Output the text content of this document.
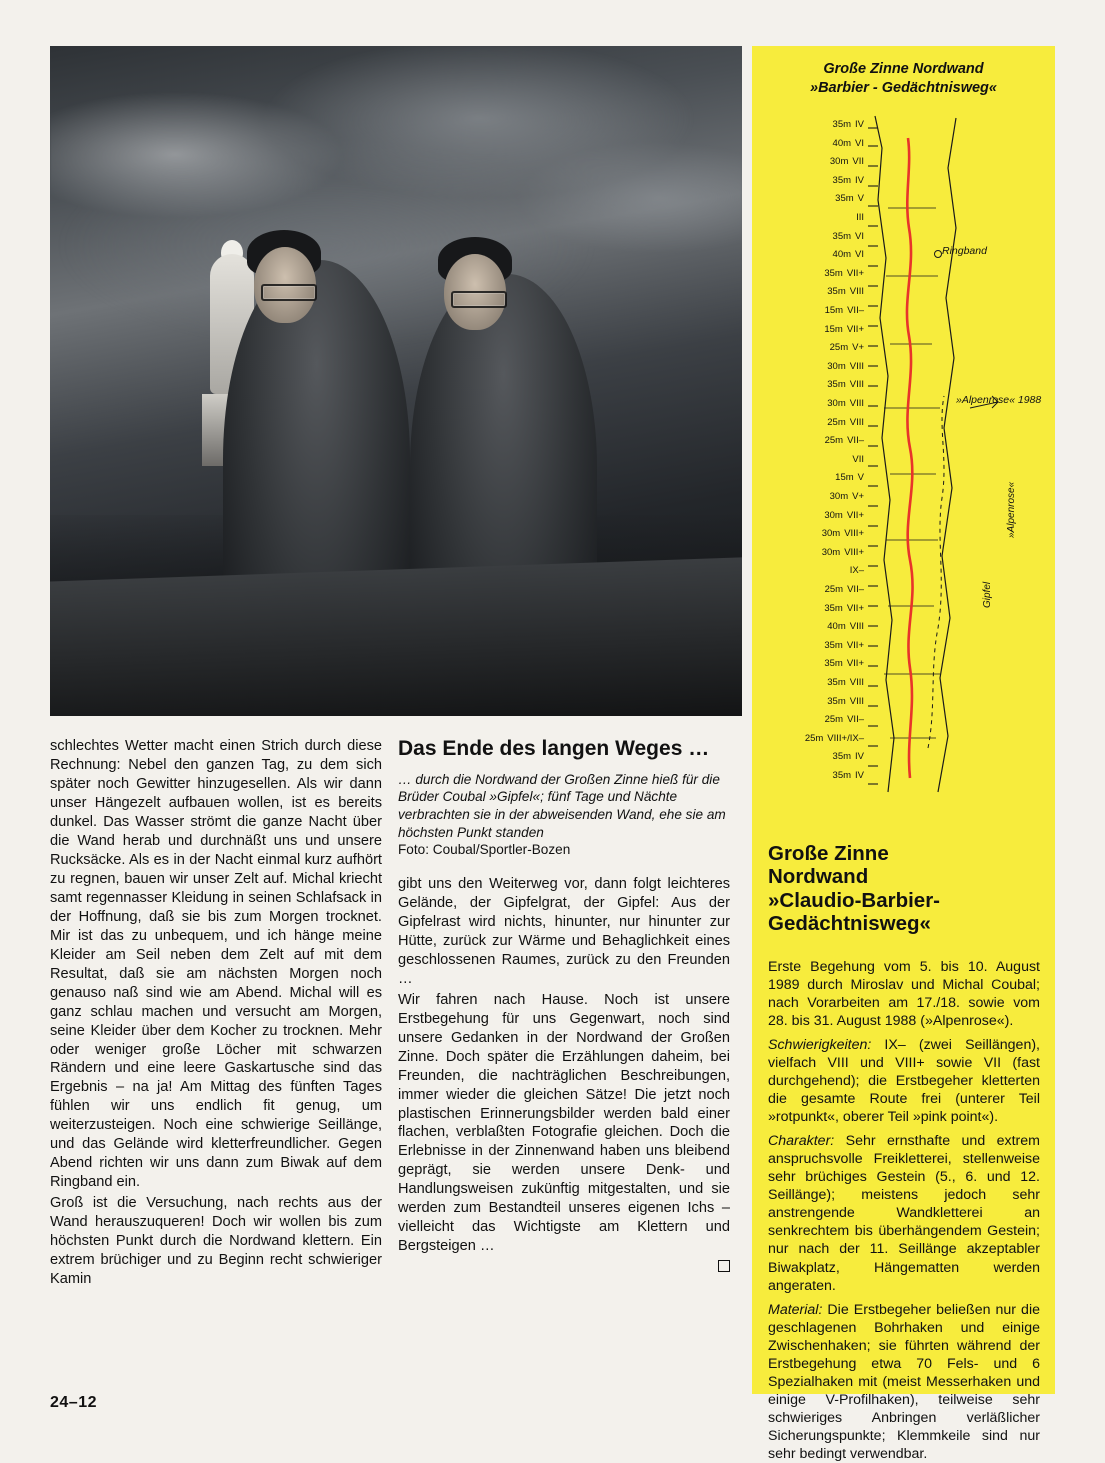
schlechtes Wetter macht einen Strich durch diese Rechnung: Nebel den ganzen Tag, zu dem sich später noch Gewitter hinzugesellen. Als wir dann unser Hängezelt aufbauen wollen, ist es bereits dunkel. Das Wasser strömt die ganze Nacht über die Wand herab und durchnäßt uns und unsere Rucksäcke. Als es in der Nacht einmal kurz aufhört zu regnen, bauen wir unser Zelt auf. Michal kriecht samt regennasser Kleidung in seinen Schlafsack in der Hoffnung, daß sie bis zum Morgen trocknet. Mir ist das zu unbequem, und ich hänge meine Kleider am Seil neben dem Zelt auf mit dem Resultat, daß sie am nächsten Morgen noch genauso naß sind wie am Abend. Michal will es ganz schlau machen und versucht am Morgen, seine Kleider über dem Kocher zu trocknen. Mehr oder weniger große Löcher mit schwarzen Rändern und eine leere Gaskartusche sind das Ergebnis – na ja! Am Mittag des fünften Tages fühlen wir uns endlich fit genug, um weiterzusteigen. Noch eine schwierige Seillänge, und das Gelände wird kletterfreundlicher. Gegen Abend richten wir uns dann zum Biwak auf dem Ringband ein.

Groß ist die Versuchung, nach rechts aus der Wand herauszuqueren! Doch wir wollen bis zum höchsten Punkt durch die Nordwand klettern. Ein extrem brüchiger und zu Beginn recht schwieriger Kamin

Das Ende des langen Weges …

… durch die Nordwand der Großen Zinne hieß für die Brüder Coubal »Gipfel«; fünf Tage und Nächte verbrachten sie in der abweisenden Wand, ehe sie am höchsten Punkt standen

Foto: Coubal/Sportler-Bozen

gibt uns den Weiterweg vor, dann folgt leichteres Gelände, der Gipfelgrat, der Gipfel: Aus der Gipfelrast wird nichts, hinunter, nur hinunter zur Hütte, zurück zur Wärme und Behaglichkeit eines geschlossenen Raumes, zurück zu den Freunden …

Wir fahren nach Hause. Noch ist unsere Erstbegehung für uns Gegenwart, noch sind unsere Gedanken in der Nordwand der Großen Zinne. Doch später die Erzählungen daheim, bei Freunden, die nachträglichen Beschreibungen, immer wieder die gleichen Sätze! Die jetzt noch plastischen Erinnerungsbilder werden bald einer flachen, verblaßten Fotografie gleichen. Doch die Erlebnisse in der Zinnenwand haben uns bleibend geprägt, sie werden unsere Denk- und Handlungsweisen zukünftig mitgestalten, und sie werden zum Bestandteil unseres eigenen Ichs – vielleicht das Wichtigste am Klettern und Bergsteigen …

24–12
Große Zinne Nordwand
»Barbier - Gedächtnisweg«
35m IV
40m VI
30m VII
35m IV
35m V
III
35m VI
40m VI
35m VII+
35m VIII
15m VII–
15m VII+
25m V+
30m VIII
35m VIII
30m VIII
25m VIII
25m VII–
VII
15m V
30m V+
30m VII+
30m VIII+
30m VIII+
IX–
25m VII–
35m VII+
40m VIII
35m VII+
35m VII+
35m VIII
35m VIII
25m VII–
25m VIII+/IX–
35m IV
35m IV
Ringband
»Alpenrose« 1988
»Alpenrose«
Gipfel
Große Zinne
Nordwand
»Claudio-Barbier-
Gedächtnisweg«

Erste Begehung vom 5. bis 10. August 1989 durch Miroslav und Michal Coubal; nach Vorarbeiten am 17./18. sowie vom 28. bis 31. August 1988 (»Alpenrose«).

Schwierigkeiten: IX– (zwei Seillängen), vielfach VIII und VIII+ sowie VII (fast durchgehend); die Erstbegeher kletterten die gesamte Route frei (unterer Teil »rotpunkt«, oberer Teil »pink point«).

Charakter: Sehr ernsthafte und extrem anspruchsvolle Freikletterei, stellenweise sehr brüchiges Gestein (5., 6. und 12. Seillänge); meistens jedoch sehr anstrengende Wandkletterei an senkrechtem bis überhängendem Gestein; nur nach der 11. Seillänge akzeptabler Biwakplatz, Hängematten werden angeraten.

Material: Die Erstbegeher beließen nur die geschlagenen Bohrhaken und einige Zwischenhaken; sie führten während der Erstbegehung etwa 70 Fels- und 6 Spezialhaken mit (meist Messerhaken und einige V-Profilhaken), teilweise sehr schwieriges Anbringen verläßlicher Sicherungspunkte; Klemmkeile sind nur sehr bedingt verwendbar.
